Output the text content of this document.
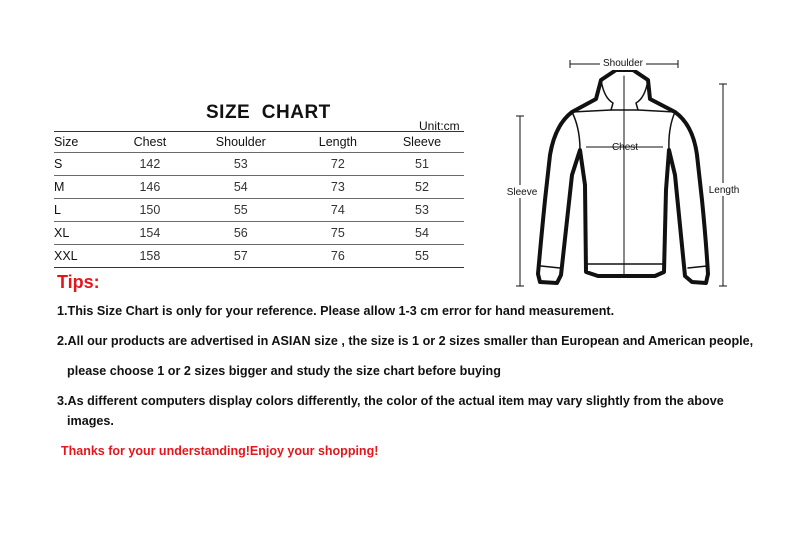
SIZE  CHART
Unit:cm
Size	Chest	Shoulder	Length	Sleeve
S	142	53	72	51
M	146	54	73	52
L	150	55	74	53
XL	154	56	75	54
XXL	158	57	76	55
Shoulder
Chest
Sleeve	Length
Tips:
1.This Size Chart is only for your reference. Please allow 1-3 cm error for hand measurement.
2.All our products are advertised in ASIAN size , the size is 1 or 2 sizes smaller than European and American people,
please choose 1 or 2 sizes bigger and study the size chart before buying
3.As different computers display colors differently, the color of the actual item may vary slightly from the above
images.
Thanks for your understanding!Enjoy your shopping!
